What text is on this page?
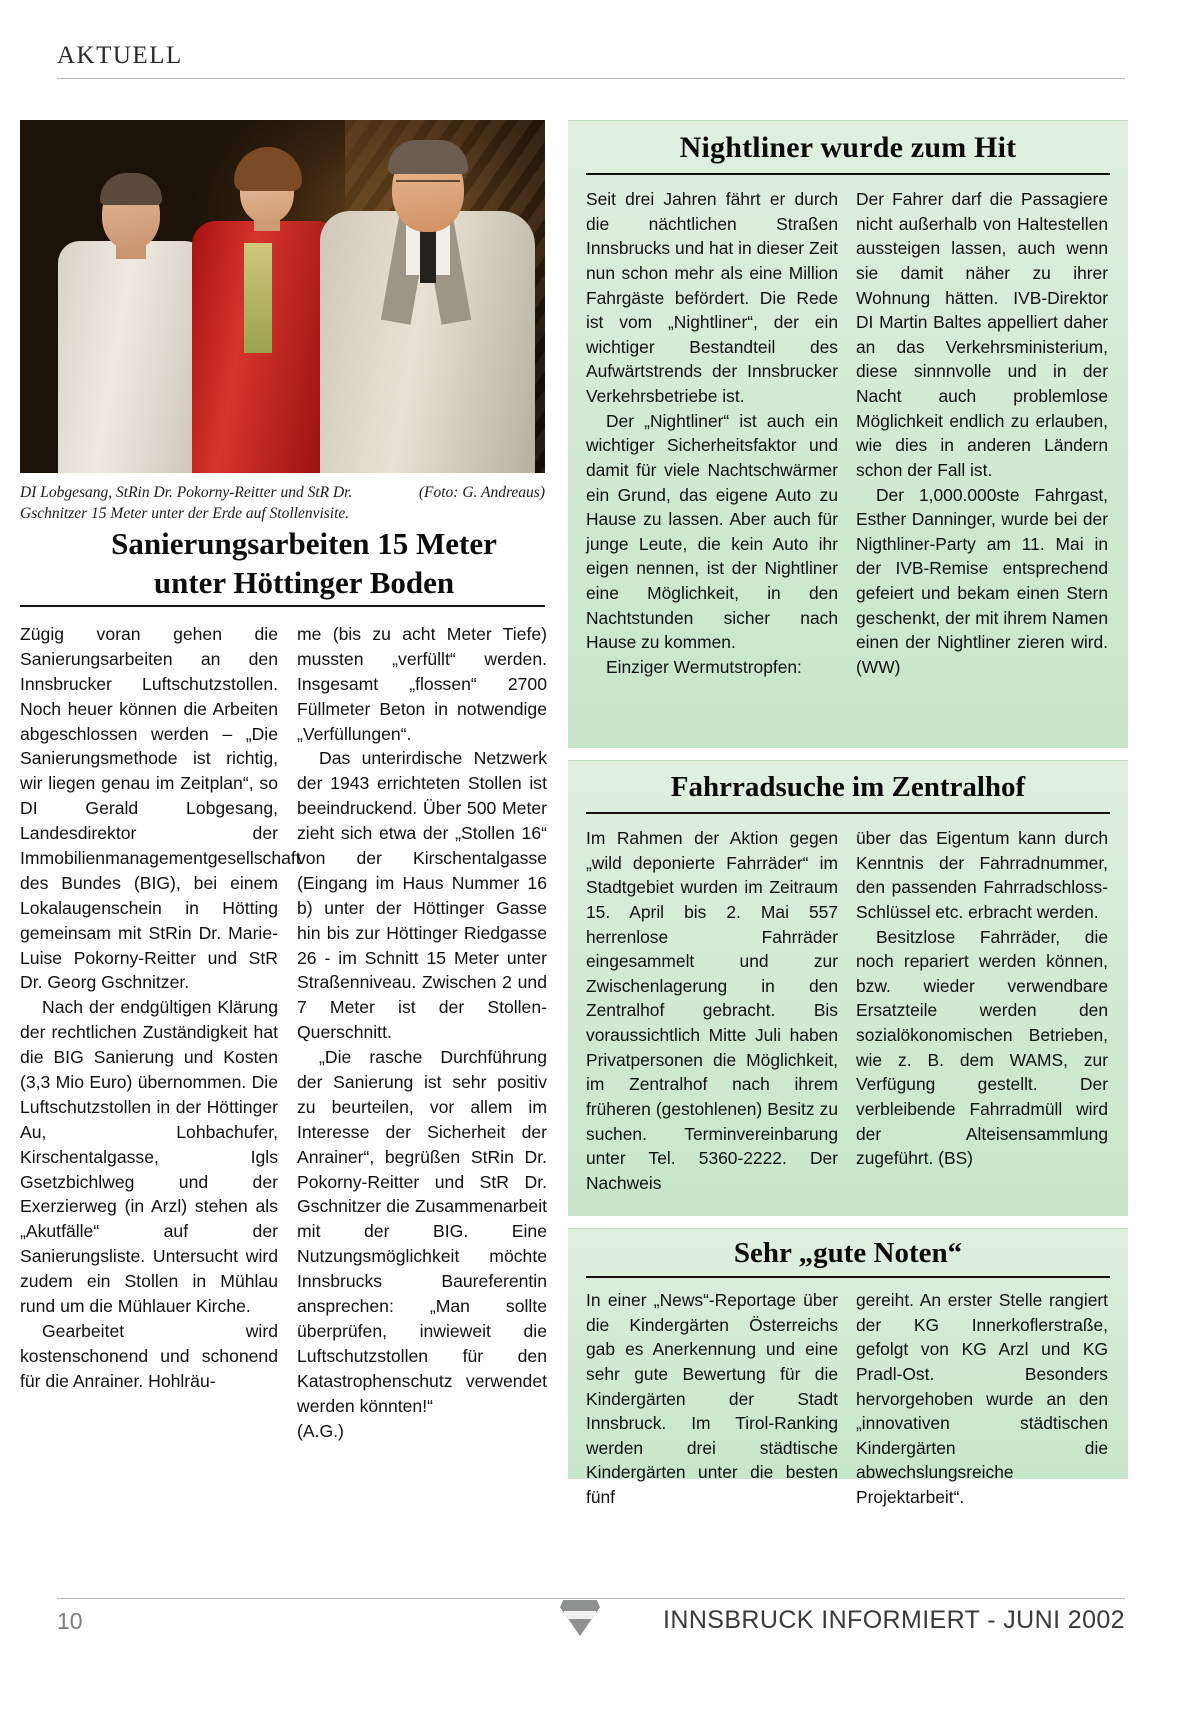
AKTUELL
(Foto: G. Andreaus)
DI Lobgesang, StRin Dr. Pokorny-Reitter und StR Dr. Gschnitzer 15 Meter unter der Erde auf Stollenvisite.
Sanierungsarbeiten 15 Meter
unter Höttinger Boden

Zügig voran gehen die Sanierungsarbeiten an den Innsbrucker Luftschutzstollen. Noch heuer können die Arbeiten abgeschlossen werden – „Die Sanierungsmethode ist richtig, wir liegen genau im Zeitplan“, so DI Gerald Lobgesang, Landesdirektor der Immobilienmanagementgesellschaft des Bundes (BIG), bei einem Lokalaugenschein in Hötting gemeinsam mit StRin Dr. Marie-Luise Pokorny-Reitter und StR Dr. Georg Gschnitzer.

Nach der endgültigen Klärung der rechtlichen Zuständigkeit hat die BIG Sanierung und Kosten (3,3 Mio Euro) übernommen. Die Luftschutzstollen in der Höttinger Au, Lohbachufer, Kirschentalgasse, Igls Gsetzbichlweg und der Exerzierweg (in Arzl) stehen als „Akutfälle“ auf der Sanierungsliste. Untersucht wird zudem ein Stollen in Mühlau rund um die Mühlauer Kirche.

Gearbeitet wird kostenschonend und schonend für die Anrainer. Hohlräu-

me (bis zu acht Meter Tiefe) mussten „verfüllt“ werden. Insgesamt „flossen“ 2700 Füllmeter Beton in notwendige „Verfüllungen“.

Das unterirdische Netzwerk der 1943 errichteten Stollen ist beeindruckend. Über 500 Meter zieht sich etwa der „Stollen 16“ von der Kirschentalgasse (Eingang im Haus Nummer 16 b) unter der Höttinger Gasse hin bis zur Höttinger Riedgasse 26 - im Schnitt 15 Meter unter Straßenniveau. Zwischen 2 und 7 Meter ist der Stollen-Querschnitt.

„Die rasche Durchführung der Sanierung ist sehr positiv zu beurteilen, vor allem im Interesse der Sicherheit der Anrainer“, begrüßen StRin Dr. Pokorny-Reitter und StR Dr. Gschnitzer die Zusammenarbeit mit der BIG. Eine Nutzungsmöglichkeit möchte Innsbrucks Baureferentin ansprechen: „Man sollte überprüfen, inwieweit die Luftschutzstollen für den Katastrophenschutz verwendet werden könnten!“

(A.G.)

Nightliner wurde zum Hit

Seit drei Jahren fährt er durch die nächtlichen Straßen Innsbrucks und hat in dieser Zeit nun schon mehr als eine Million Fahrgäste befördert. Die Rede ist vom „Nightliner“, der ein wichtiger Bestandteil des Aufwärtstrends der Innsbrucker Verkehrsbetriebe ist.

Der „Nightliner“ ist auch ein wichtiger Sicherheitsfaktor und damit für viele Nachtschwärmer ein Grund, das eigene Auto zu Hause zu lassen. Aber auch für junge Leute, die kein Auto ihr eigen nennen, ist der Nightliner eine Möglichkeit, in den Nachtstunden sicher nach Hause zu kommen.

Einziger Wermutstropfen:

Der Fahrer darf die Passagiere nicht außerhalb von Haltestellen aussteigen lassen, auch wenn sie damit näher zu ihrer Wohnung hätten. IVB-Direktor DI Martin Baltes appelliert daher an das Verkehrsministerium, diese sinnnvolle und in der Nacht auch problemlose Möglichkeit endlich zu erlauben, wie dies in anderen Ländern schon der Fall ist.

Der 1,000.000ste Fahrgast, Esther Danninger, wurde bei der Nigthliner-Party am 11. Mai in der IVB-Remise entsprechend gefeiert und bekam einen Stern geschenkt, der mit ihrem Namen einen der Nightliner zieren wird. (WW)

Fahrradsuche im Zentralhof

Im Rahmen der Aktion gegen „wild deponierte Fahrräder“ im Stadtgebiet wurden im Zeitraum 15. April bis 2. Mai 557 herrenlose Fahrräder eingesammelt und zur Zwischenlagerung in den Zentralhof gebracht. Bis voraussichtlich Mitte Juli haben Privatpersonen die Möglichkeit, im Zentralhof nach ihrem früheren (gestohlenen) Besitz zu suchen. Terminvereinbarung unter Tel. 5360-2222. Der Nachweis

über das Eigentum kann durch Kenntnis der Fahrradnummer, den passenden Fahrradschloss-Schlüssel etc. erbracht werden.

Besitzlose Fahrräder, die noch repariert werden können, bzw. wieder verwendbare Ersatzteile werden den sozialökonomischen Betrieben, wie z. B. dem WAMS, zur Verfügung gestellt. Der verbleibende Fahrradmüll wird der Alteisensammlung zugeführt. (BS)

Sehr „gute Noten“

In einer „News“-Reportage über die Kindergärten Österreichs gab es Anerkennung und eine sehr gute Bewertung für die Kindergärten der Stadt Innsbruck. Im Tirol-Ranking werden drei städtische Kindergärten unter die besten fünf

gereiht. An erster Stelle rangiert der KG Innerkoflerstraße, gefolgt von KG Arzl und KG Pradl-Ost. Besonders hervorgehoben wurde an den „innovativen städtischen Kindergärten die abwechslungsreiche Projektarbeit“.

10	INNSBRUCK INFORMIERT - JUNI 2002
